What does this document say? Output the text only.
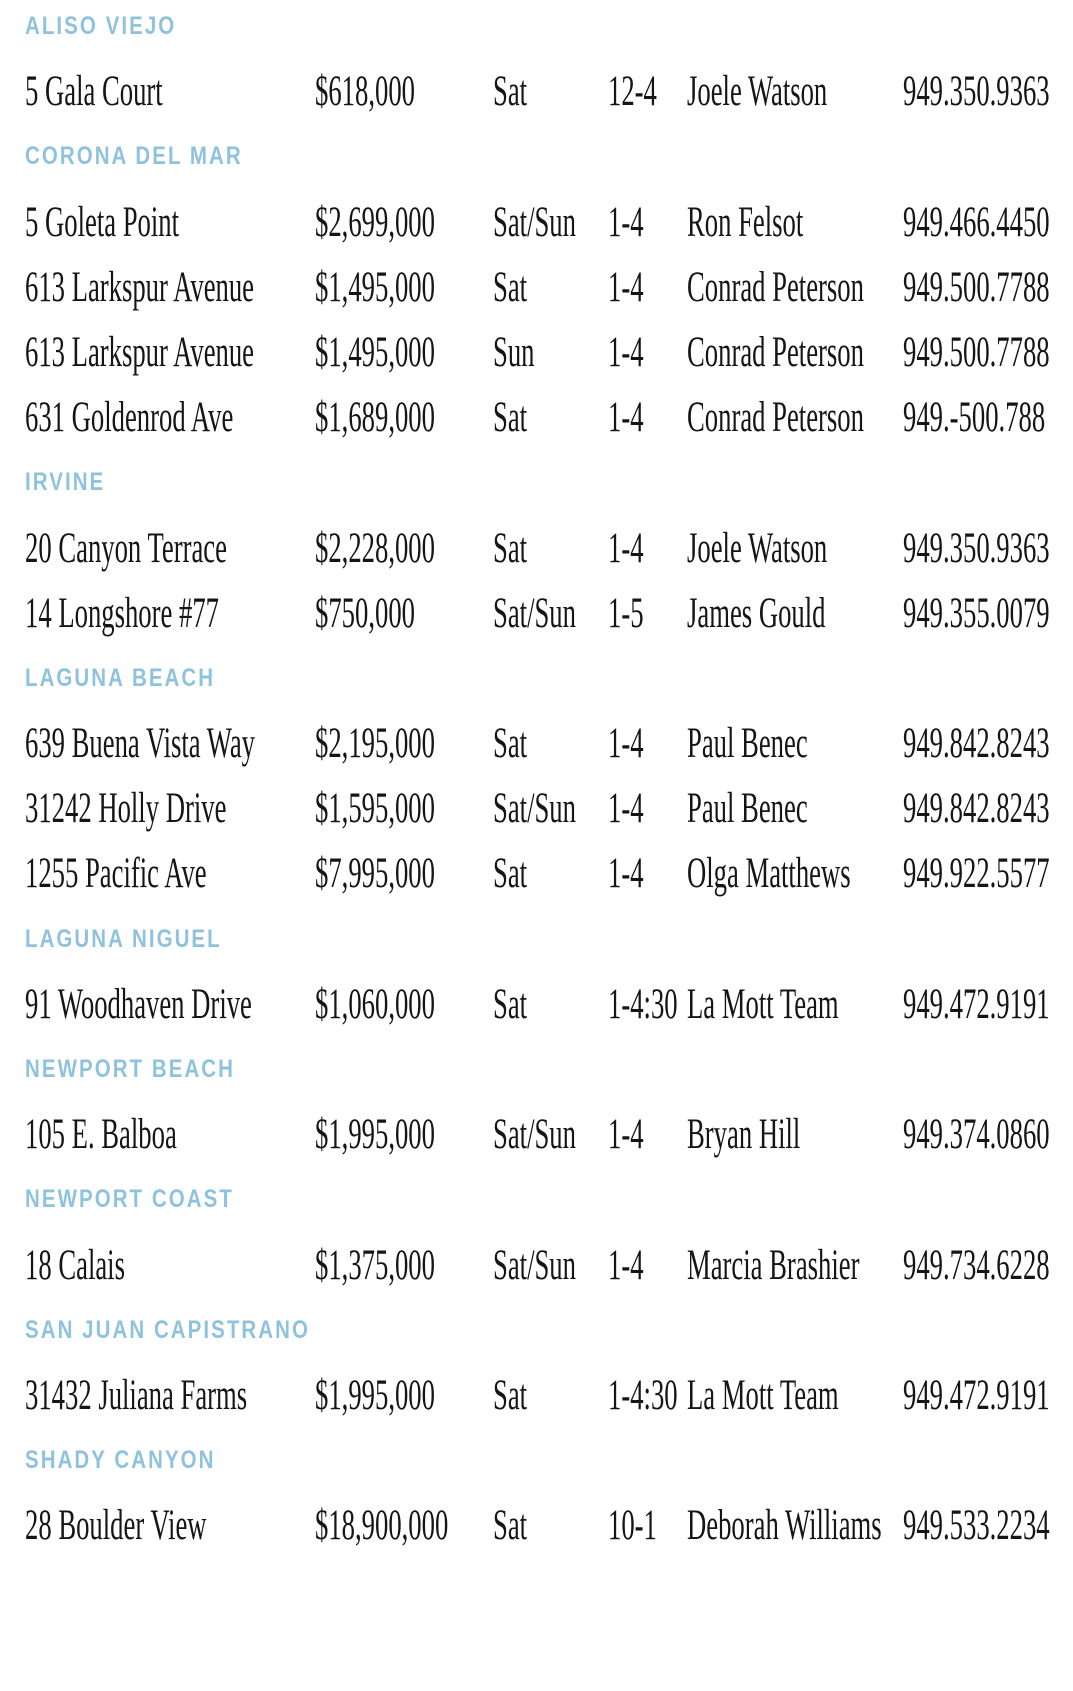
ALISO VIEJO
5 Gala Court	$618,000 Sat 12-4 Joele Watson 949.350.9363
CORONA DEL MAR
5 Goleta Point	$2,699,000 Sat/Sun 1-4 Ron Felsot 949.466.4450
613 Larkspur Avenue $1,495,000 Sat 1-4 Conrad Peterson 949.500.7788
613 Larkspur Avenue $1,495,000 Sun 1-4 Conrad Peterson 949.500.7788
631 Goldenrod Ave $1,689,000 Sat 1-4 Conrad Peterson 949.-500.788
IRVINE
20 Canyon Terrace $2,228,000 Sat 1-4 Joele Watson 949.350.9363
14 Longshore #77 $750,000 Sat/Sun 1-5 James Gould 949.355.0079
LAGUNA BEACH
639 Buena Vista Way $2,195,000 Sat 1-4 Paul Benec 949.842.8243
31242 Holly Drive $1,595,000 Sat/Sun 1-4 Paul Benec 949.842.8243
1255 Pacific Ave	$7,995,000 Sat 1-4 Olga Matthews 949.922.5577
LAGUNA NIGUEL
91 Woodhaven Drive $1,060,000 Sat 1-4:30 La Mott Team 949.472.9191
NEWPORT BEACH
105 E. Balboa	$1,995,000 Sat/Sun 1-4 Bryan Hill 949.374.0860
NEWPORT COAST
18 Calais	$1,375,000 Sat/Sun 1-4 Marcia Brashier 949.734.6228
SAN JUAN CAPISTRANO
31432 Juliana Farms $1,995,000 Sat 1-4:30 La Mott Team 949.472.9191
SHADY CANYON
28 Boulder View	$18,900,000 Sat 10-1 Deborah Williams 949.533.2234
